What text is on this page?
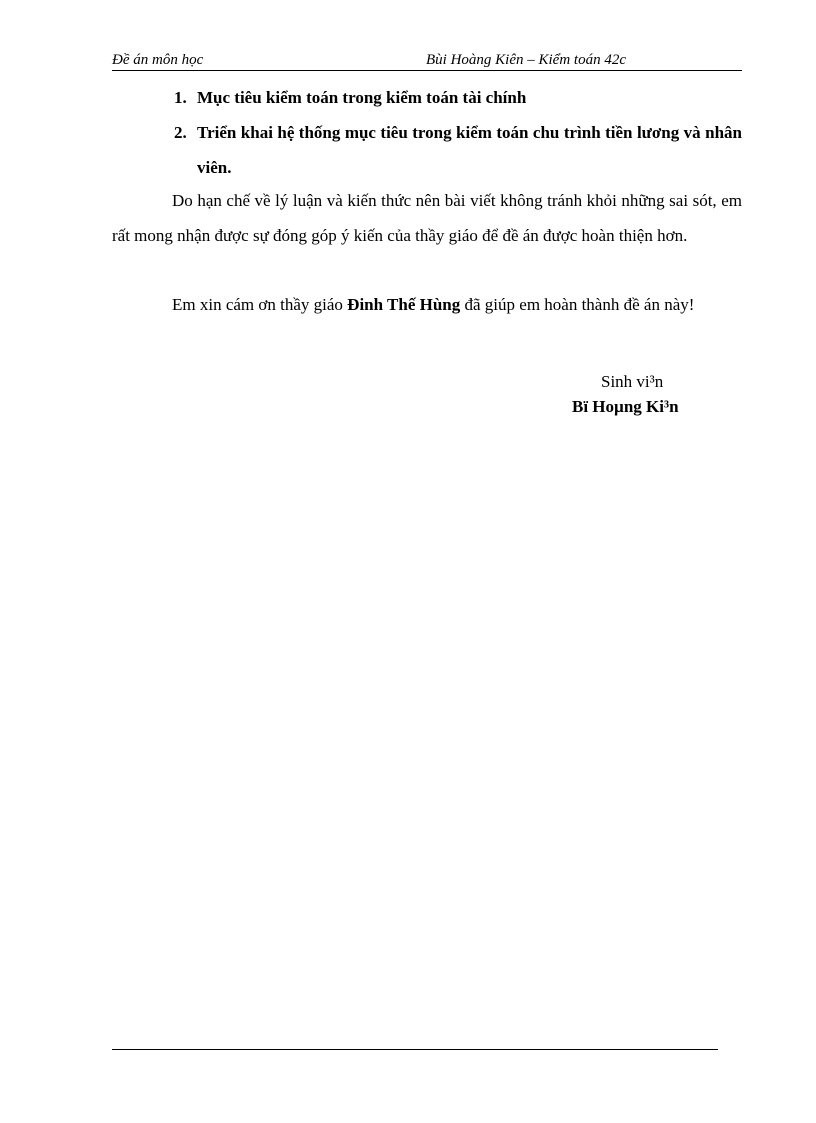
Đề án môn học	Bùi Hoàng Kiên – Kiểm toán 42c
1. Mục tiêu kiểm toán trong kiểm toán tài chính
2. Triển khai hệ thống mục tiêu trong kiểm toán chu trình tiền lương và nhân viên.
Do hạn chế về lý luận và kiến thức nên bài viết không tránh khỏi những sai sót, em rất mong nhận được sự đóng góp ý kiến của thầy giáo để đề án được hoàn thiện hơn.
Em xin cám ơn thầy giáo Đinh Thế Hùng đã giúp em hoàn thành đề án này!
Sinh vi³n
Bï Hoµng Ki³n
